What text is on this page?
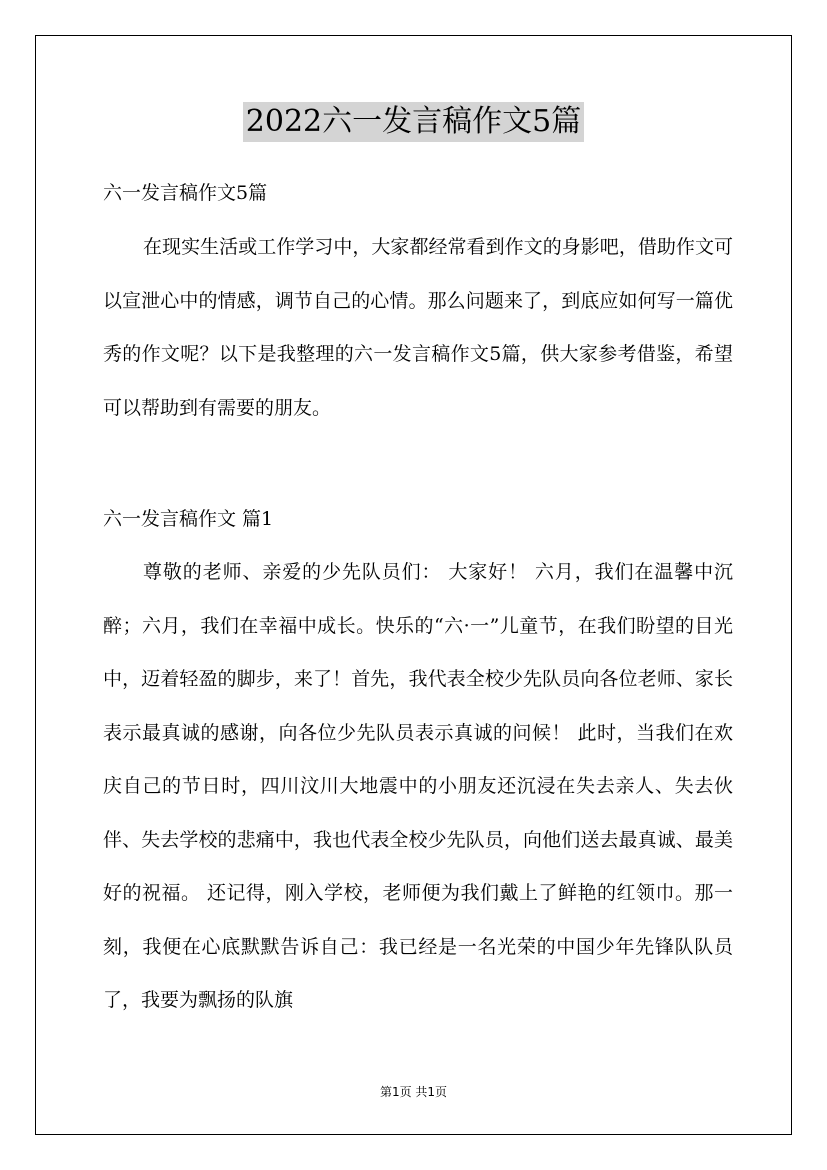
2022六一发言稿作文5篇
六一发言稿作文5篇
在现实生活或工作学习中，大家都经常看到作文的身影吧，借助作文可以宣泄心中的情感，调节自己的心情。那么问题来了，到底应如何写一篇优秀的作文呢？以下是我整理的六一发言稿作文5篇，供大家参考借鉴，希望可以帮助到有需要的朋友。
六一发言稿作文 篇1
尊敬的老师、亲爱的少先队员们： 大家好！ 六月，我们在温馨中沉醉；六月，我们在幸福中成长。快乐的“六·一”儿童节，在我们盼望的目光中，迈着轻盈的脚步，来了！首先，我代表全校少先队员向各位老师、家长表示最真诚的感谢，向各位少先队员表示真诚的问候！ 此时，当我们在欢庆自己的节日时，四川汶川大地震中的小朋友还沉浸在失去亲人、失去伙伴、失去学校的悲痛中，我也代表全校少先队员，向他们送去最真诚、最美好的祝福。 还记得，刚入学校，老师便为我们戴上了鲜艳的红领巾。那一刻，我便在心底默默告诉自己：我已经是一名光荣的中国少年先锋队队员了，我要为飘扬的队旗
第1页 共1页
